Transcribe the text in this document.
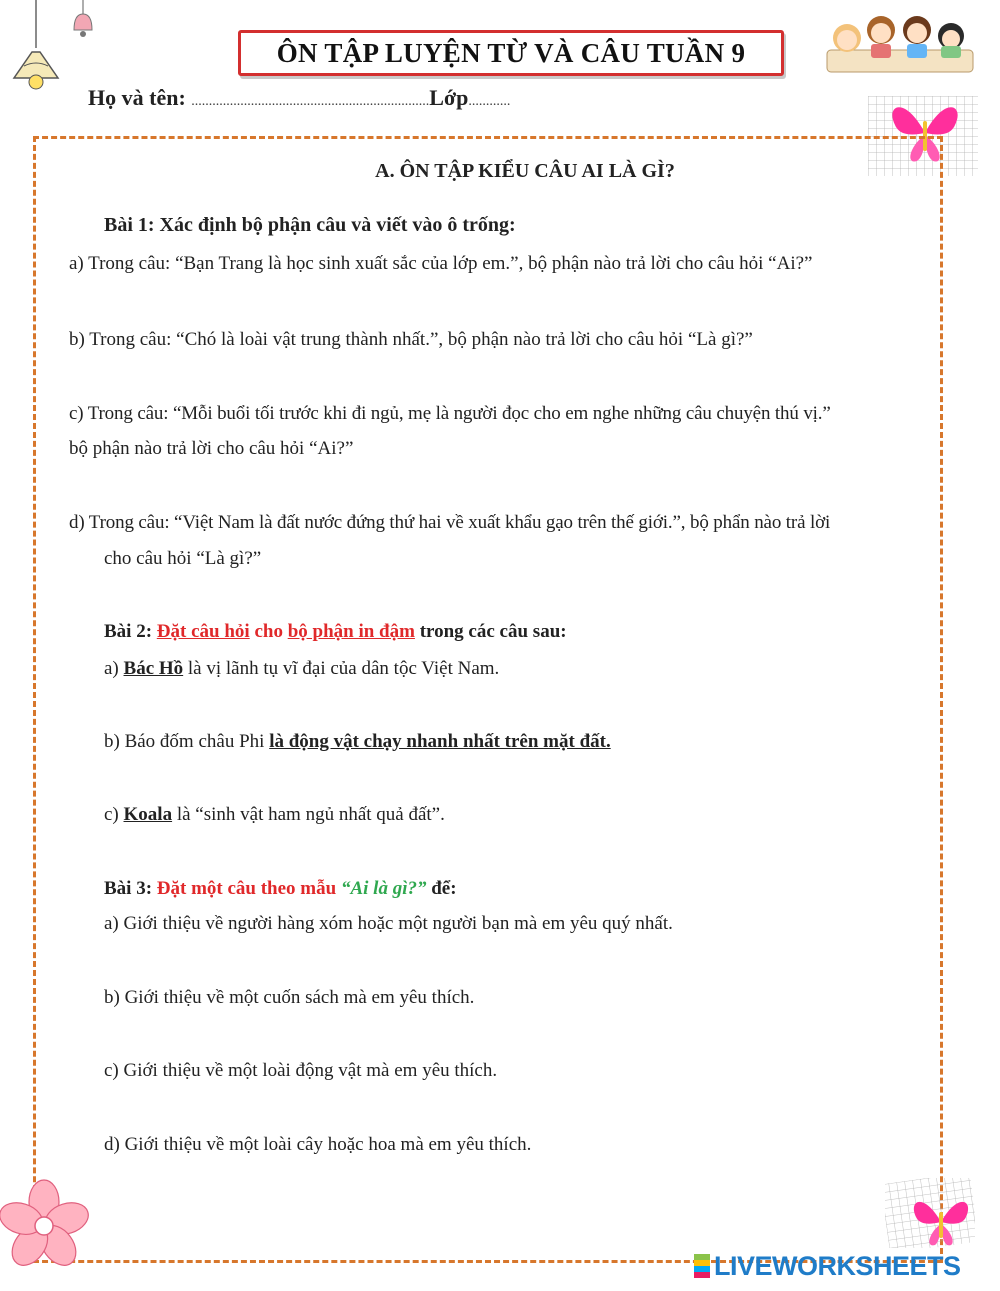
ÔN TẬP LUYỆN TỪ VÀ CÂU TUẦN 9
Họ và tên: ....................................................................Lớp............
A. ÔN TẬP KIỂU CÂU AI LÀ GÌ?
Bài 1: Xác định bộ phận câu và viết vào ô trống:
a) Trong câu: “Bạn Trang là học sinh xuất sắc của lớp em.”, bộ phận nào trả lời cho câu hỏi “Ai?”
b) Trong câu: “Chó là loài vật trung thành nhất.”, bộ phận nào trả lời cho câu hỏi “Là gì?”
c) Trong câu: “Mỗi buổi tối trước khi đi ngủ, mẹ là người đọc cho em nghe những câu chuyện thú vị.”
bộ phận nào trả lời cho câu hỏi “Ai?”
d) Trong câu: “Việt Nam là đất nước đứng thứ hai về xuất khẩu gạo trên thế giới.”, bộ phẩn nào trả lời
cho câu hỏi “Là gì?”
Bài 2: Đặt câu hỏi cho bộ phận in đậm trong các câu sau:
a) Bác Hồ là vị lãnh tụ vĩ đại của dân tộc Việt Nam.
b) Báo đốm châu Phi là động vật chạy nhanh nhất trên mặt đất.
c) Koala là “sinh vật ham ngủ nhất quả đất”.
Bài 3: Đặt một câu theo mẫu “Ai là gì?” để:
a) Giới thiệu về người hàng xóm hoặc một người bạn mà em yêu quý nhất.
b) Giới thiệu về một cuốn sách mà em yêu thích.
c) Giới thiệu về một loài động vật mà em yêu thích.
d) Giới thiệu về một loài cây hoặc hoa mà em yêu thích.
LIVEWORKSHEETS
